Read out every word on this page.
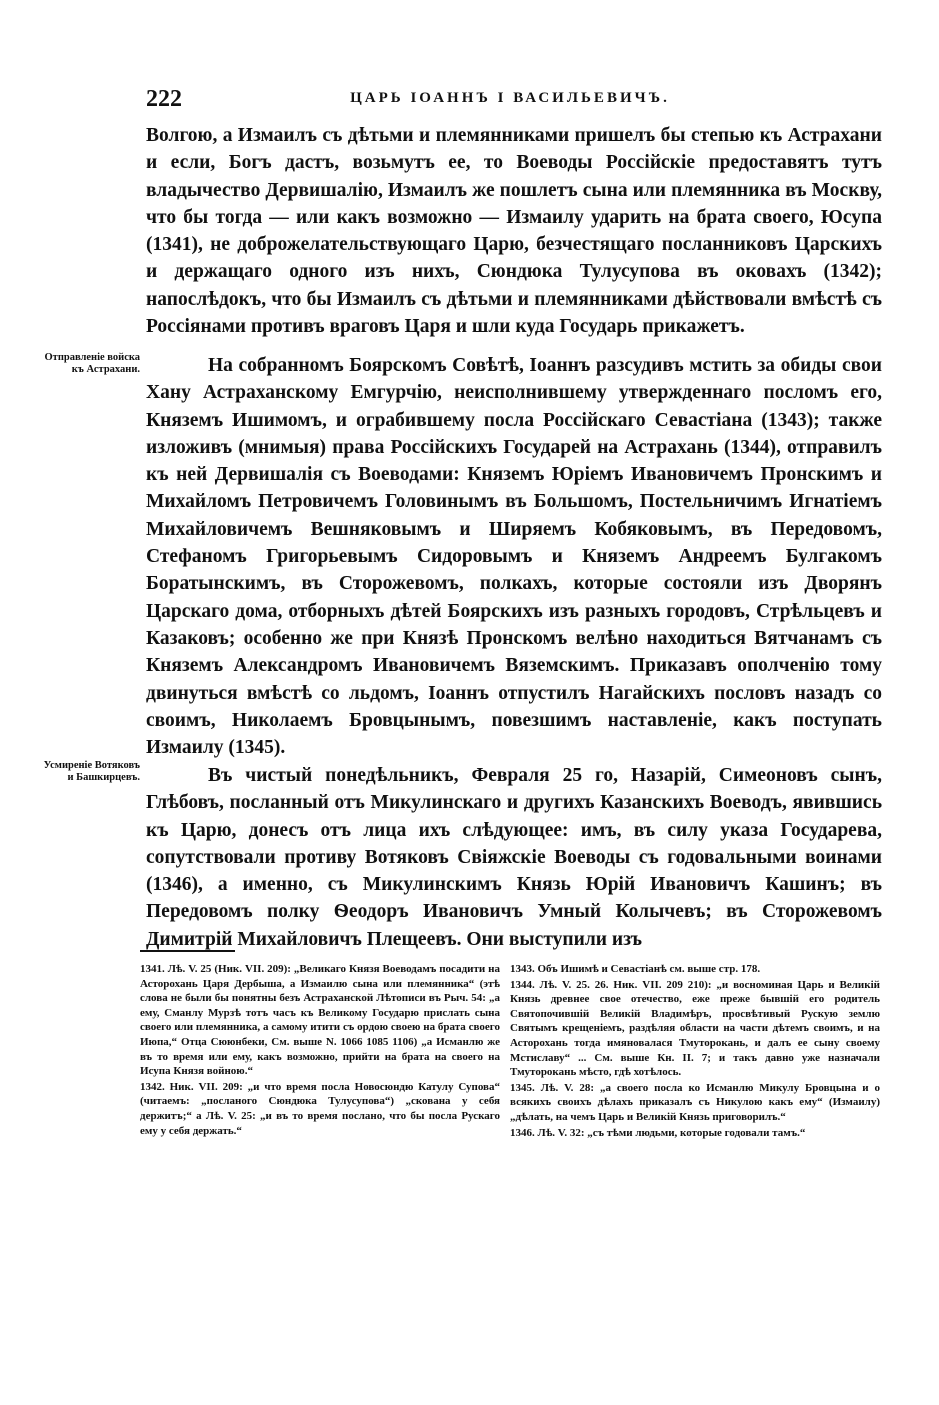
222	ЦАРЬ ІОАННЪ І ВАСИЛЬЕВИЧЪ.
Отправленіе войска къ Астрахани.
Усмиреніе Вотяковъ и Башкирцевъ.

Волгою, а Измаилъ съ дѣтьми и племянниками пришелъ бы степью къ Астрахани и если, Богъ дастъ, возьмутъ ее, то Воеводы Россійскіе предоставятъ тутъ владычество Дервишалію, Измаилъ же пошлетъ сына или племянника въ Москву, что бы тогда — или какъ возможно — Измаилу ударить на брата своего, Юсупа (1341), не доброжелательствующаго Царю, безчестящаго посланниковъ Царскихъ и держащаго одного изъ нихъ, Сюндюка Тулусупова въ оковахъ (1342); напослѣдокъ, что бы Измаилъ съ дѣтьми и племянниками дѣйствовали вмѣстѣ съ Россіянами противъ враговъ Царя и шли куда Государь прикажетъ.

На собранномъ Боярскомъ Совѣтѣ, Іоаннъ разсудивъ мстить за обиды свои Хану Астраханскому Емгурчію, неисполнившему утвержденнаго посломъ его, Княземъ Ишимомъ, и ограбившему посла Россійскаго Севастіана (1343); также изложивъ (мнимыя) права Россійскихъ Государей на Астрахань (1344), отправилъ къ ней Дервишалія съ Воеводами: Княземъ Юріемъ Ивановичемъ Пронскимъ и Михайломъ Петровичемъ Головинымъ въ Большомъ, Постельничимъ Игнатіемъ Михайловичемъ Вешняковымъ и Ширяемъ Кобяковымъ, въ Передовомъ, Стефаномъ Григорьевымъ Сидоровымъ и Княземъ Андреемъ Булгакомъ Боратынскимъ, въ Сторожевомъ, полкахъ, которые состояли изъ Дворянъ Царскаго дома, отборныхъ дѣтей Боярскихъ изъ разныхъ городовъ, Стрѣльцевъ и Казаковъ; особенно же при Князѣ Пронскомъ велѣно находиться Вятчанамъ съ Княземъ Александромъ Ивановичемъ Вяземскимъ. Приказавъ ополченію тому двинуться вмѣстѣ со льдомъ, Іоаннъ отпустилъ Нагайскихъ пословъ назадъ со своимъ, Николаемъ Бровцынымъ, повезшимъ наставленіе, какъ поступать Измаилу (1345).

Въ чистый понедѣльникъ, Февраля 25 го, Назарій, Симеоновъ сынъ, Глѣбовъ, посланный отъ Микулинскаго и другихъ Казанскихъ Воеводъ, явившись къ Царю, донесъ отъ лица ихъ слѣдующее: имъ, въ силу указа Государева, сопутствовали противу Вотяковъ Свіяжскіе Воеводы съ годовальными воинами (1346), а именно, съ Микулинскимъ Князь Юрій Ивановичъ Кашинъ; въ Передовомъ полку Ѳеодоръ Ивановичъ Умный Колычевъ; въ Сторожевомъ Димитрій Михайловичъ Плещеевъ. Они выступили изъ

1341. Лѣ. V. 25 (Ник. VII. 209): „Великаго Князя Воеводамъ посадити на Асторохань Царя Дербыша, а Измаилю сына или племянника“ (этѣ слова не были бы понятны безъ Астраханской Лѣтописи въ Рыч. 54: „а ему, Сманлу Мурзѣ тотъ часъ къ Великому Государю прислать сына своего или племянника, а самому итити съ ордою своею на брата своего Июпа,“ Отца Сююнбеки, См. выше N. 1066 1085 1106) „а Исманлю же въ то время или ему, какъ возможно, прийти на брата на своего на Исупа Князя войною.“

1342. Ник. VII. 209: „и что время посла Новосюндю Катулу Супова“ (читаемъ: „посланого Сюндюка Тулусупова“) „скована у себя держитъ;“ а Лѣ. V. 25: „и въ то время послано, что бы посла Рускаго ему у себя держать.“

1343. Объ Ишимѣ и Севастіанѣ см. выше стр. 178.

1344. Лѣ. V. 25. 26. Ник. VII. 209 210): „и восноминая Царь и Великій Князь древнее свое отечество, еже преже бывшій его родитель Святопочившій Великій Владимѣръ, просвѣтивый Рускую землю Святымъ крещеніемъ, раздѣляя области на части дѣтемъ своимъ, и на Асторохань тогда имяновалася Тмуторокань, и далъ ее сыну своему Мстиславу“ ... См. выше Кн. II. 7; и такъ давно уже назначали Тмуторокань мѣсто, гдѣ хотѣлось.

1345. Лѣ. V. 28: „а своего посла ко Исманлю Микулу Бровцына и о всякихъ своихъ дѣлахъ приказалъ съ Никулою какъ ему“ (Измаилу) „дѣлать, на чемъ Царь и Великій Князь приговорилъ.“

1346. Лѣ. V. 32: „съ тѣми людьми, которые годовали тамъ.“
